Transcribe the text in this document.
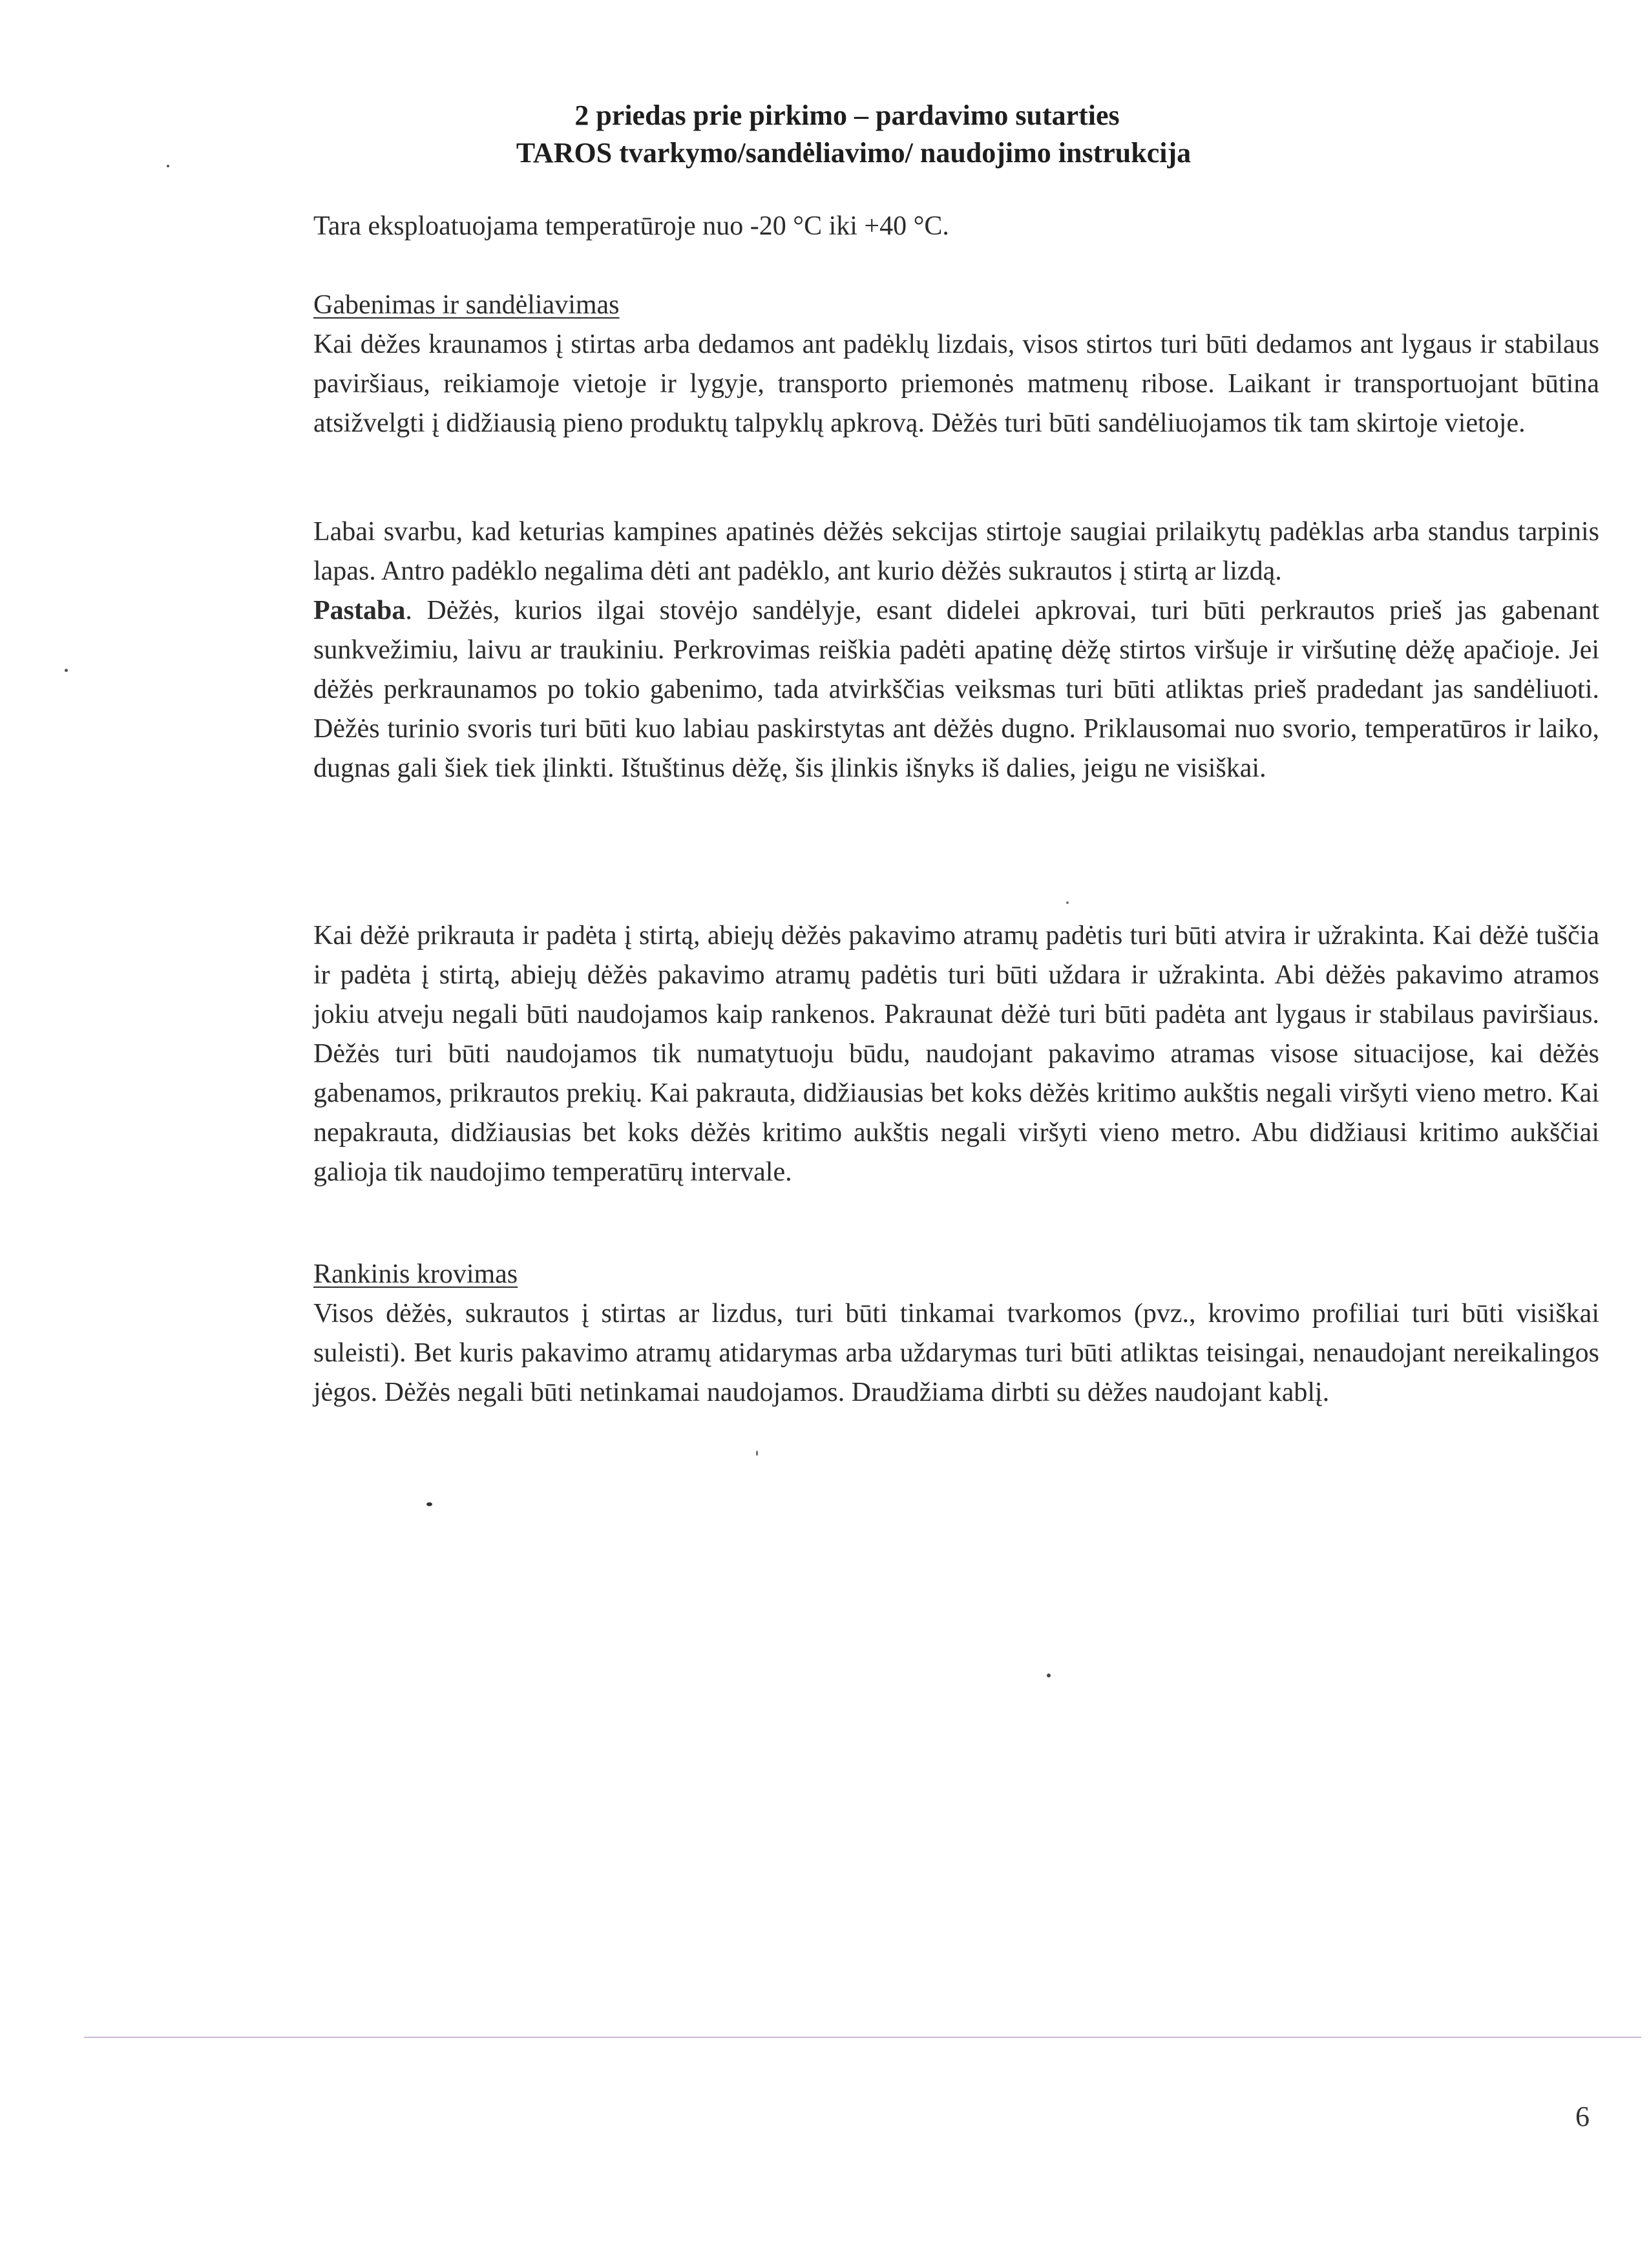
2 priedas prie pirkimo – pardavimo sutarties
TAROS tvarkymo/sandėliavimo/ naudojimo instrukcija

Tara eksploatuojama temperatūroje nuo -20 °C iki +40 °C.

Gabenimas ir sandėliavimas

Kai dėžes kraunamos į stirtas arba dedamos ant padėklų lizdais, visos stirtos turi būti dedamos ant lygaus ir stabilaus paviršiaus, reikiamoje vietoje ir lygyje, transporto priemonės matmenų ribose. Laikant ir transportuojant būtina atsižvelgti į didžiausią pieno produktų talpyklų apkrovą. Dėžės turi būti sandėliuojamos tik tam skirtoje vietoje.

Labai svarbu, kad keturias kampines apatinės dėžės sekcijas stirtoje saugiai prilaikytų padėklas arba standus tarpinis lapas. Antro padėklo negalima dėti ant padėklo, ant kurio dėžės sukrautos į stirtą ar lizdą.

Pastaba. Dėžės, kurios ilgai stovėjo sandėlyje, esant didelei apkrovai, turi būti perkrautos prieš jas gabenant sunkvežimiu, laivu ar traukiniu. Perkrovimas reiškia padėti apatinę dėžę stirtos viršuje ir viršutinę dėžę apačioje. Jei dėžės perkraunamos po tokio gabenimo, tada atvirkščias veiksmas turi būti atliktas prieš pradedant jas sandėliuoti. Dėžės turinio svoris turi būti kuo labiau paskirstytas ant dėžės dugno. Priklausomai nuo svorio, temperatūros ir laiko, dugnas gali šiek tiek įlinkti. Ištuštinus dėžę, šis įlinkis išnyks iš dalies, jeigu ne visiškai.

Kai dėžė prikrauta ir padėta į stirtą, abiejų dėžės pakavimo atramų padėtis turi būti atvira ir užrakinta. Kai dėžė tuščia ir padėta į stirtą, abiejų dėžės pakavimo atramų padėtis turi būti uždara ir užrakinta. Abi dėžės pakavimo atramos jokiu atveju negali būti naudojamos kaip rankenos. Pakraunat dėžė turi būti padėta ant lygaus ir stabilaus paviršiaus. Dėžės turi būti naudojamos tik numatytuoju būdu, naudojant pakavimo atramas visose situacijose, kai dėžės gabenamos, prikrautos prekių. Kai pakrauta, didžiausias bet koks dėžės kritimo aukštis negali viršyti vieno metro. Kai nepakrauta, didžiausias bet koks dėžės kritimo aukštis negali viršyti vieno metro. Abu didžiausi kritimo aukščiai galioja tik naudojimo temperatūrų intervale.

Rankinis krovimas

Visos dėžės, sukrautos į stirtas ar lizdus, turi būti tinkamai tvarkomos (pvz., krovimo profiliai turi būti visiškai suleisti). Bet kuris pakavimo atramų atidarymas arba uždarymas turi būti atliktas teisingai, nenaudojant nereikalingos jėgos. Dėžės negali būti netinkamai naudojamos. Draudžiama dirbti su dėžes naudojant kablį.

6
